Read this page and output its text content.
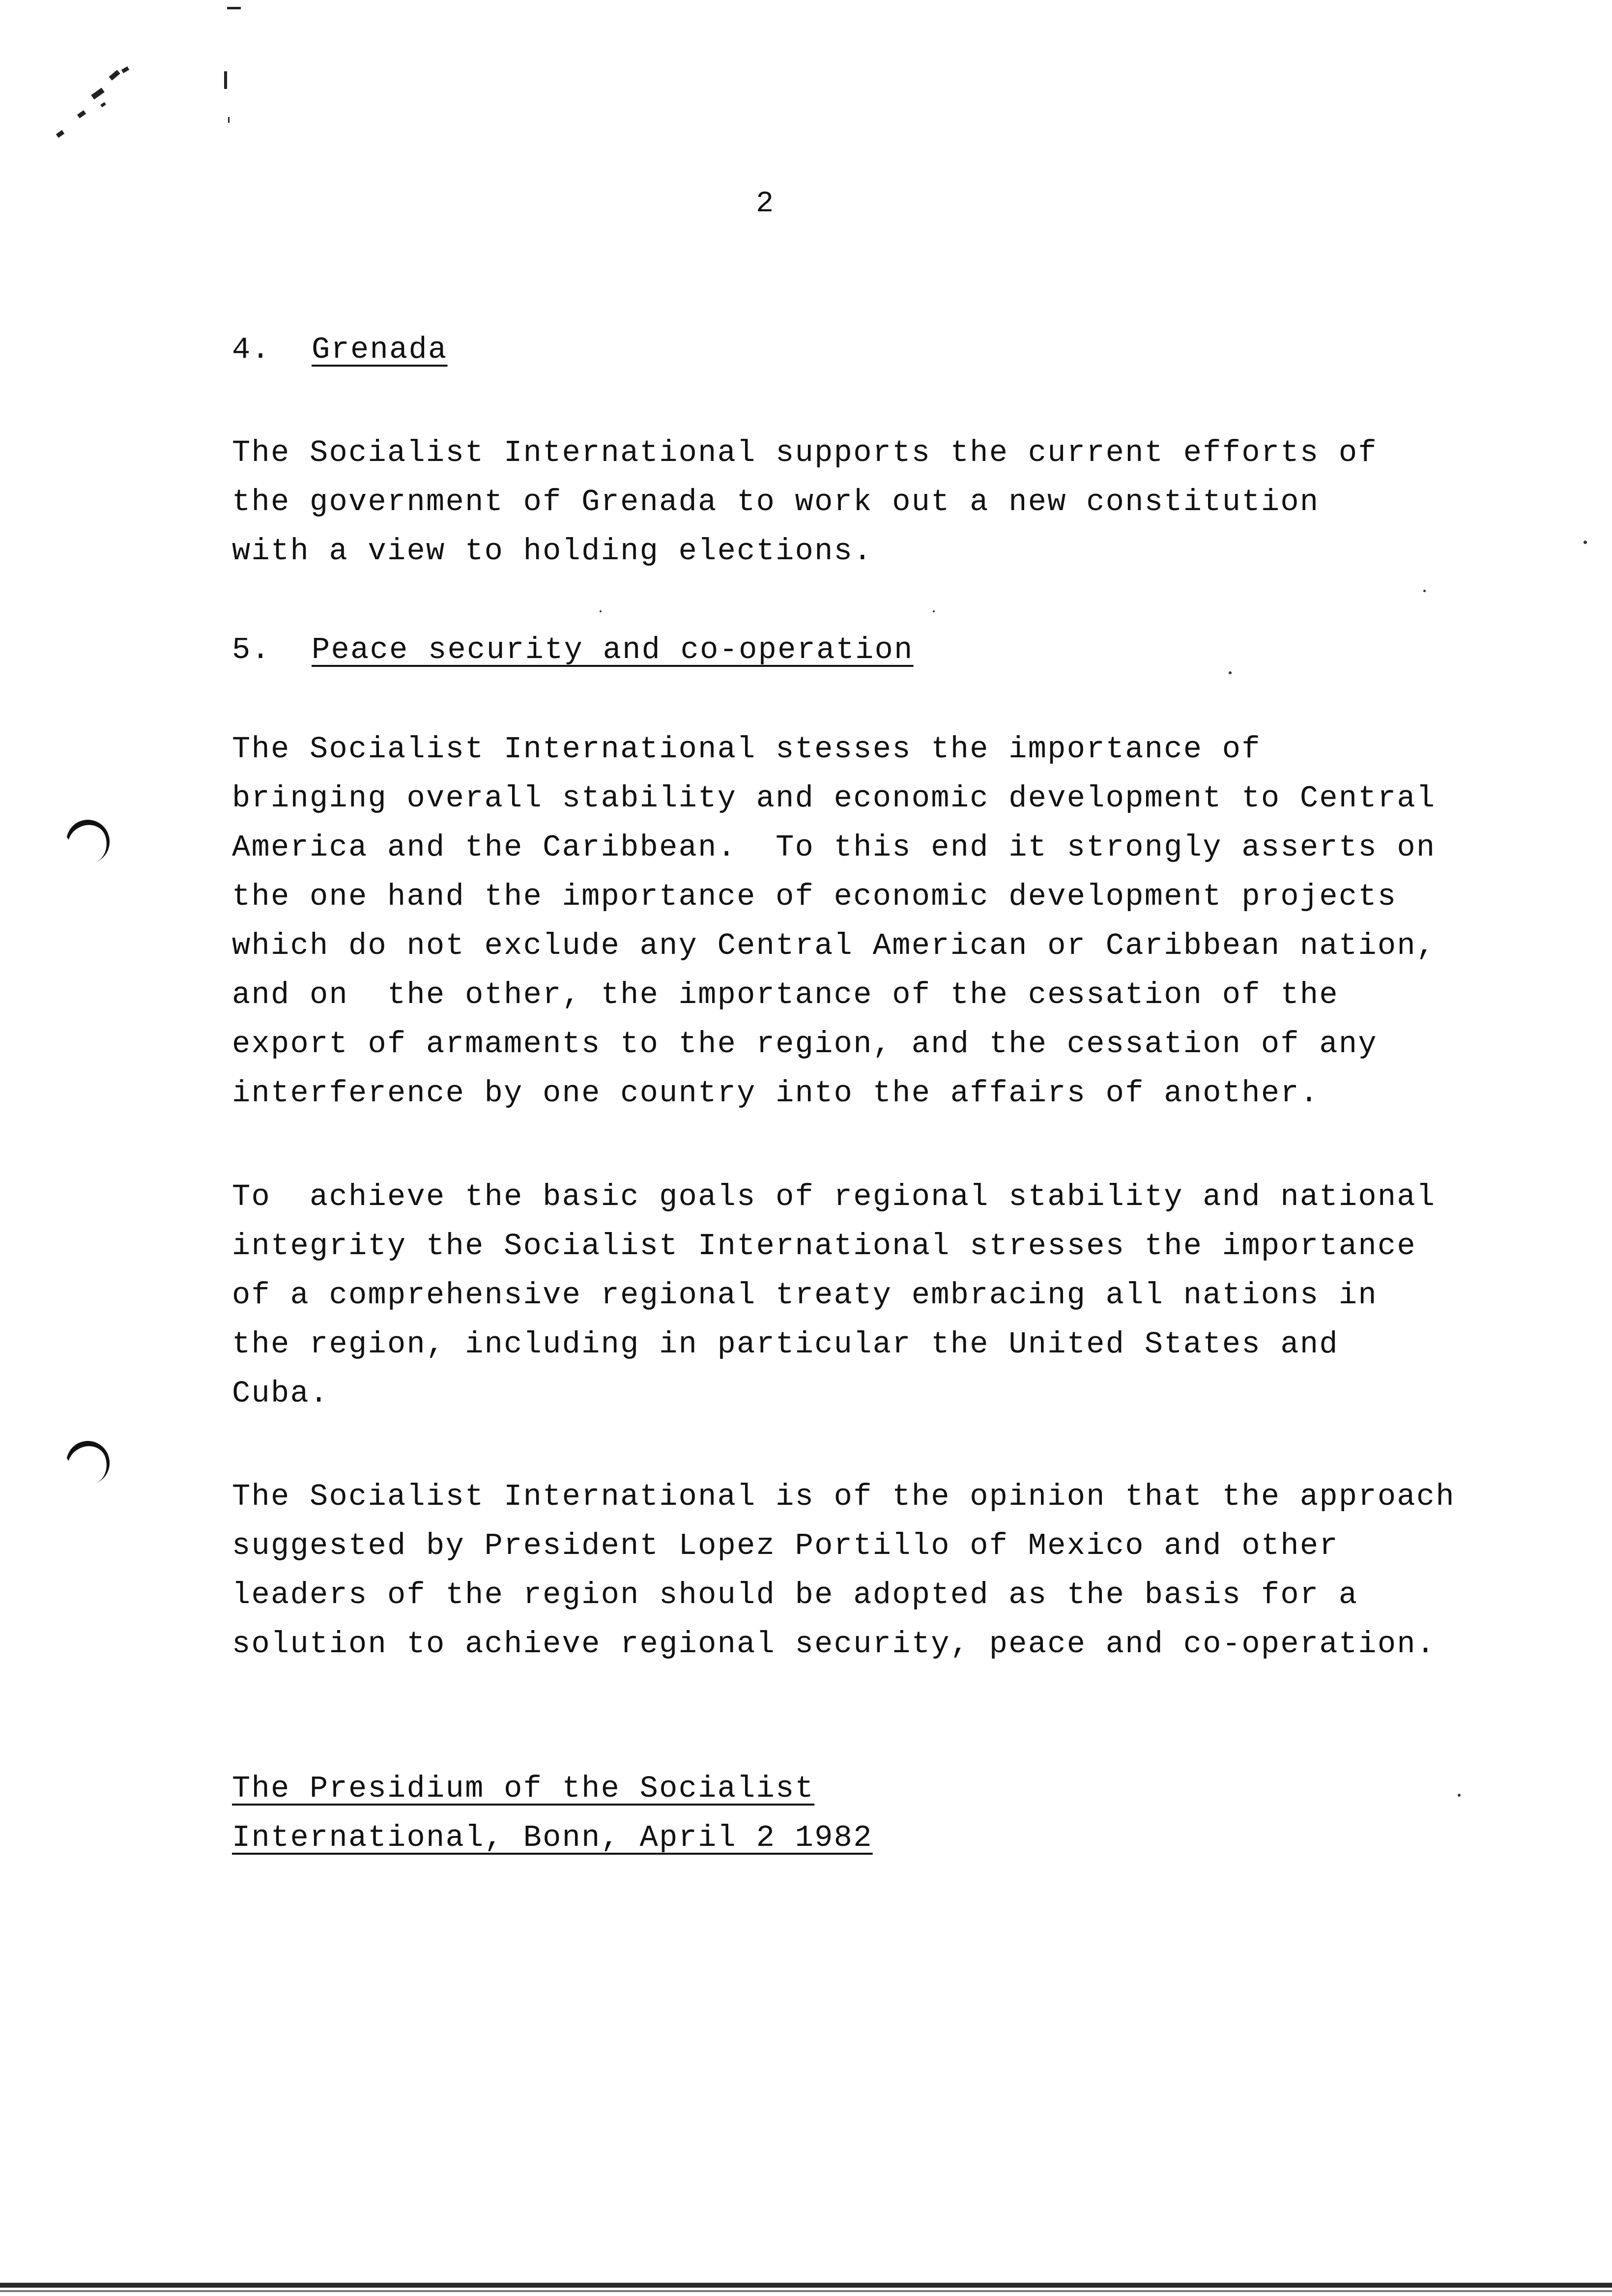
2

4. Grenada

The Socialist International supports the current efforts of

the government of Grenada to work out a new constitution

with a view to holding elections.

5. Peace security and co-operation

The Socialist International stesses the importance of

bringing overall stability and economic development to Central

America and the Caribbean.  To this end it strongly asserts on

the one hand the importance of economic development projects

which do not exclude any Central American or Caribbean nation,

and on  the other, the importance of the cessation of the

export of armaments to the region, and the cessation of any

interference by one country into the affairs of another.

To  achieve the basic goals of regional stability and national

integrity the Socialist International stresses the importance

of a comprehensive regional treaty embracing all nations in

the region, including in particular the United States and

Cuba.

The Socialist International is of the opinion that the approach

suggested by President Lopez Portillo of Mexico and other

leaders of the region should be adopted as the basis for a

solution to achieve regional security, peace and co-operation.

The Presidium of the Socialist

International, Bonn, April 2 1982
